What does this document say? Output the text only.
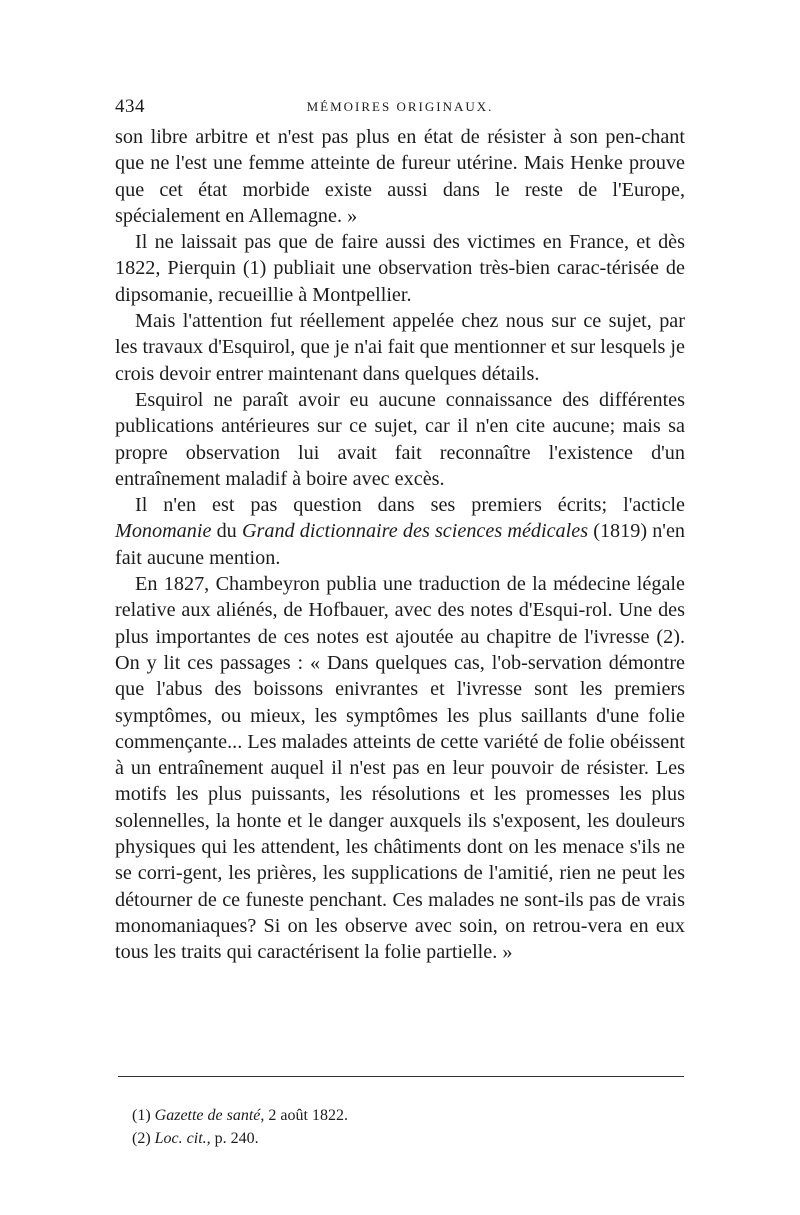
434	MÉMOIRES ORIGINAUX.

son libre arbitre et n'est pas plus en état de résister à son pen-chant que ne l'est une femme atteinte de fureur utérine. Mais Henke prouve que cet état morbide existe aussi dans le reste de l'Europe, spécialement en Allemagne. »

Il ne laissait pas que de faire aussi des victimes en France, et dès 1822, Pierquin (1) publiait une observation très-bien carac-térisée de dipsomanie, recueillie à Montpellier.

Mais l'attention fut réellement appelée chez nous sur ce sujet, par les travaux d'Esquirol, que je n'ai fait que mentionner et sur lesquels je crois devoir entrer maintenant dans quelques détails.

Esquirol ne paraît avoir eu aucune connaissance des différentes publications antérieures sur ce sujet, car il n'en cite aucune; mais sa propre observation lui avait fait reconnaître l'existence d'un entraînement maladif à boire avec excès.

Il n'en est pas question dans ses premiers écrits; l'acticle Monomanie du Grand dictionnaire des sciences médicales (1819) n'en fait aucune mention.

En 1827, Chambeyron publia une traduction de la médecine légale relative aux aliénés, de Hofbauer, avec des notes d'Esqui-rol. Une des plus importantes de ces notes est ajoutée au chapitre de l'ivresse (2). On y lit ces passages : « Dans quelques cas, l'ob-servation démontre que l'abus des boissons enivrantes et l'ivresse sont les premiers symptômes, ou mieux, les symptômes les plus saillants d'une folie commençante... Les malades atteints de cette variété de folie obéissent à un entraînement auquel il n'est pas en leur pouvoir de résister. Les motifs les plus puissants, les résolutions et les promesses les plus solennelles, la honte et le danger auxquels ils s'exposent, les douleurs physiques qui les attendent, les châtiments dont on les menace s'ils ne se corri-gent, les prières, les supplications de l'amitié, rien ne peut les détourner de ce funeste penchant. Ces malades ne sont-ils pas de vrais monomaniaques? Si on les observe avec soin, on retrou-vera en eux tous les traits qui caractérisent la folie partielle. »

(1) Gazette de santé, 2 août 1822.
(2) Loc. cit., p. 240.
